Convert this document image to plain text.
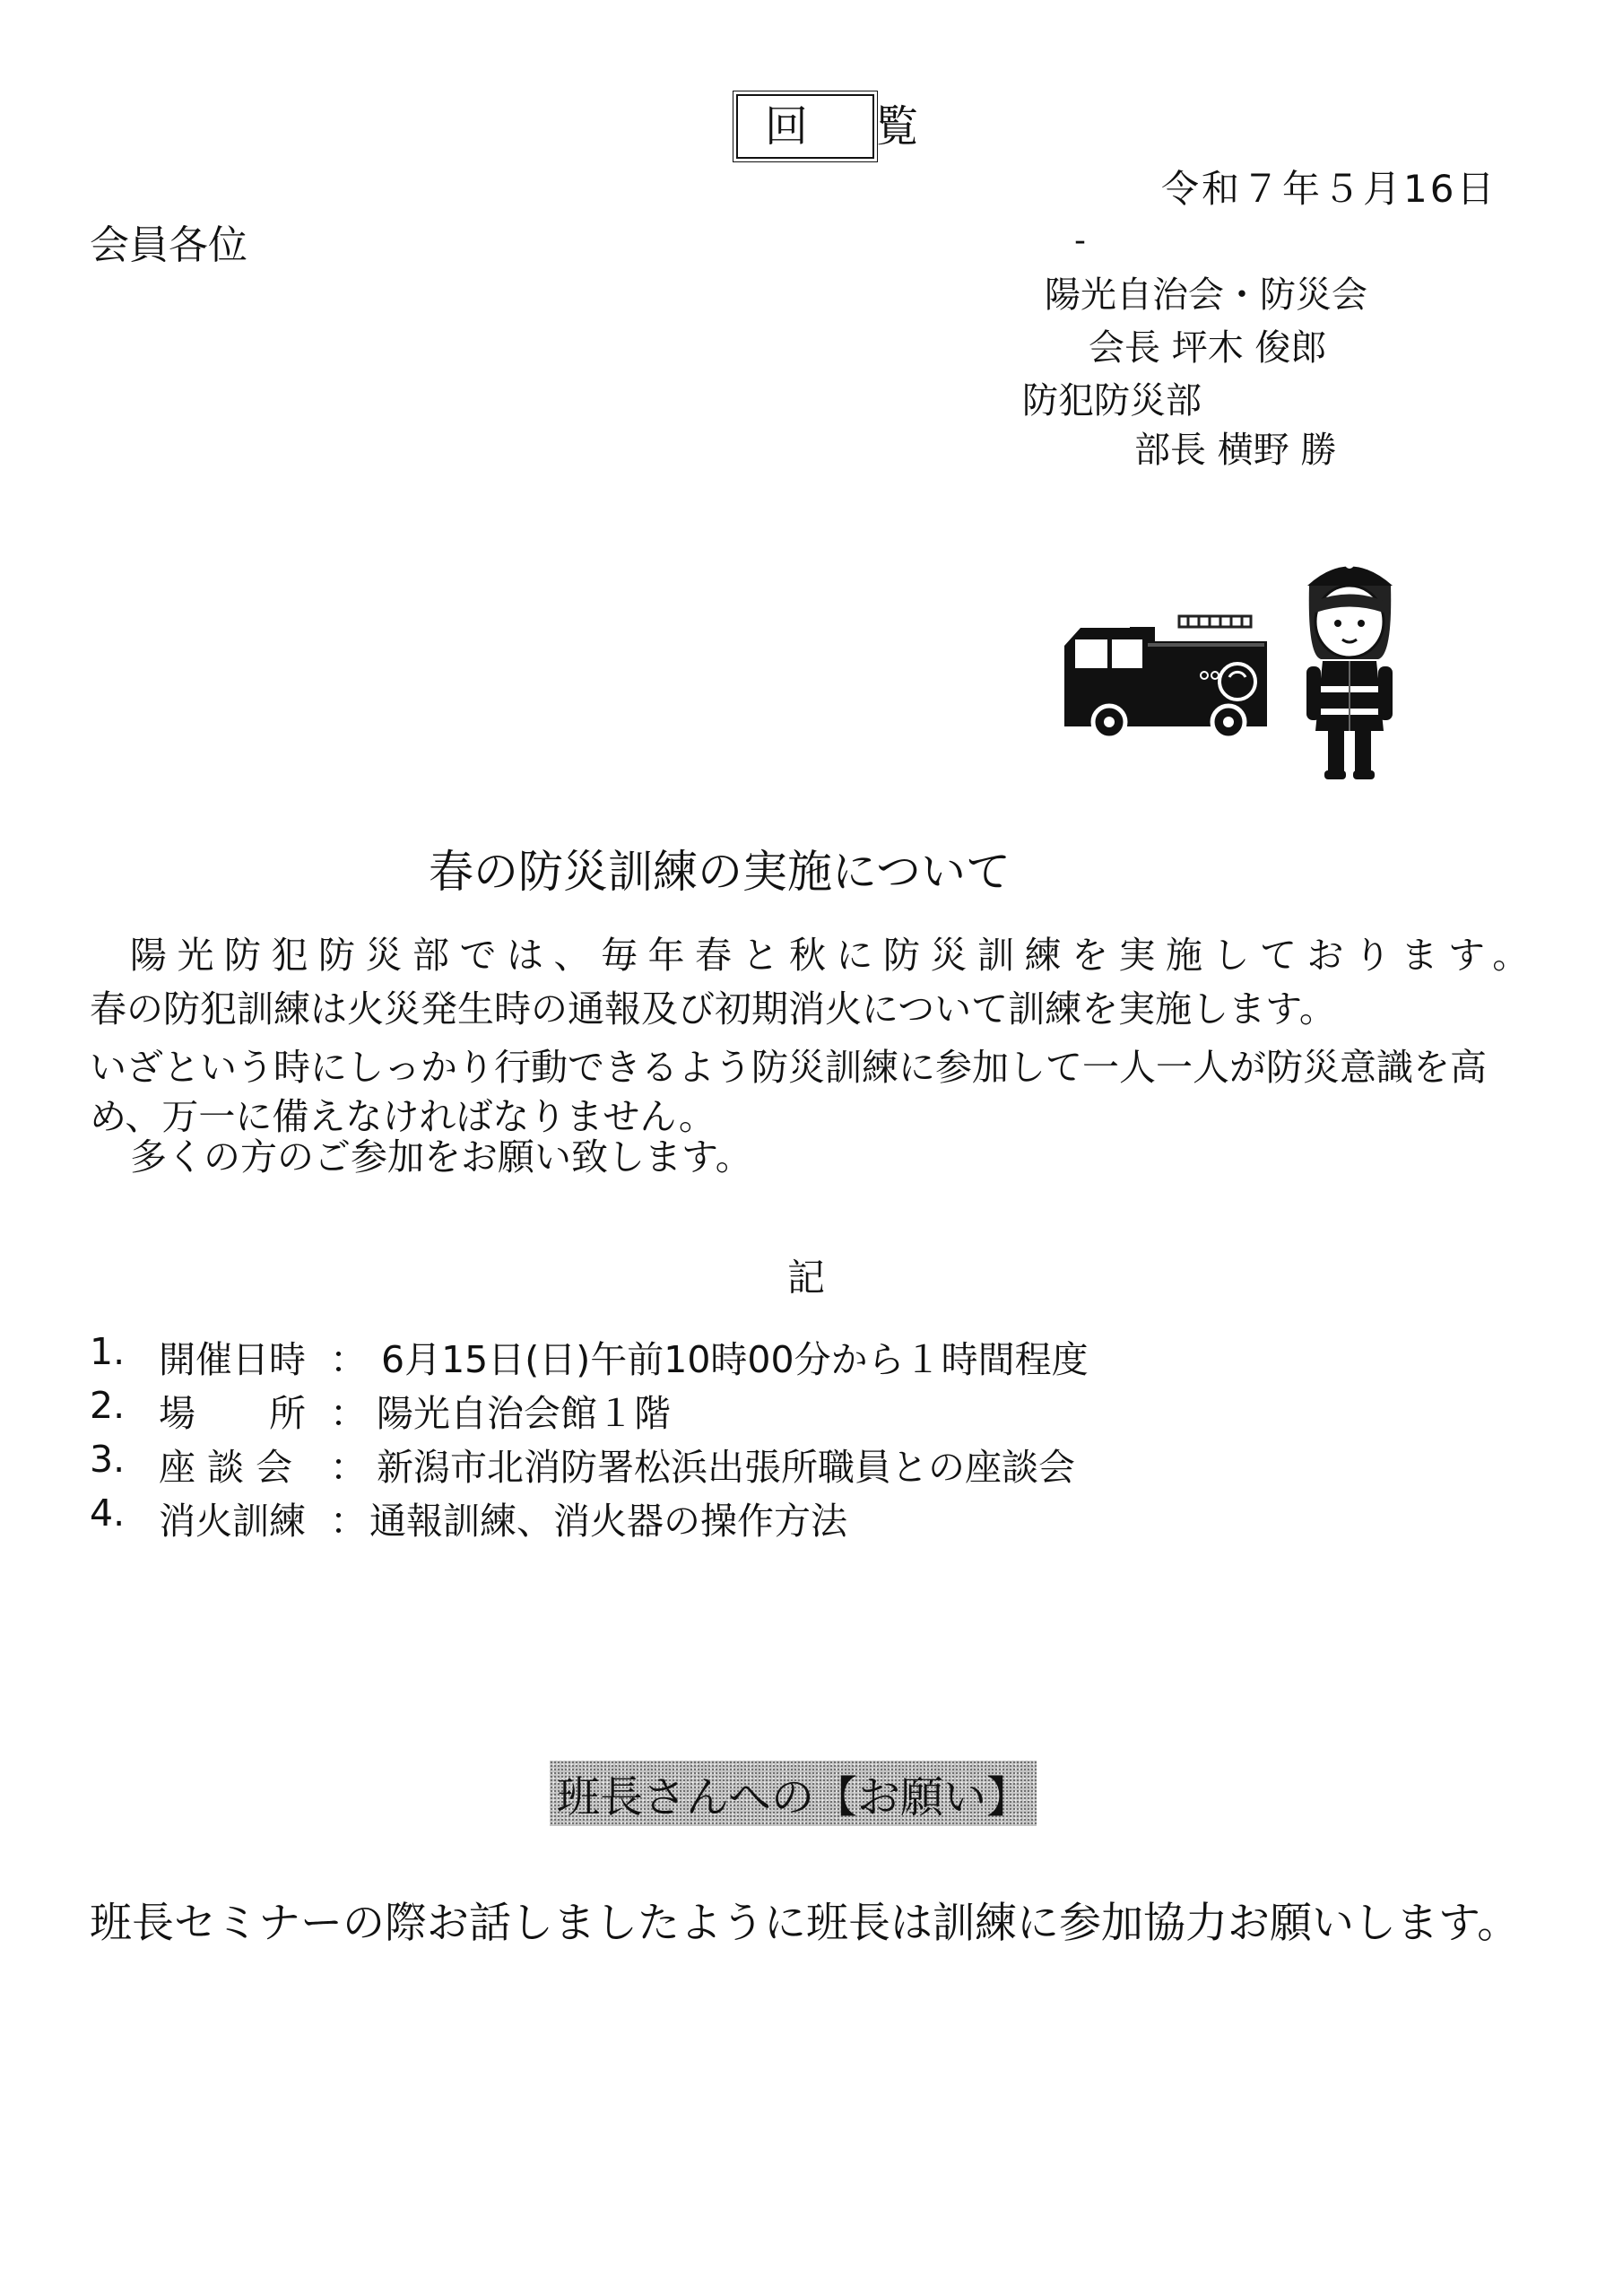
回 覧
令和７年５月16日
会員各位	-
陽光自治会・防災会
会長 坪木 俊郎
防犯防災部
部長 横野 勝
春の防災訓練の実施について
陽光防犯防災部では、毎年春と秋に防災訓練を実施しております。
春の防犯訓練は火災発生時の通報及び初期消火について訓練を実施します。
いざという時にしっかり行動できるよう防災訓練に参加して一人一人が防災意識を高
め、万一に備えなければなりません。
多くの方のご参加をお願い致します。
記
1. 開催日時 ： 6月15日(日)午前10時00分から１時間程度
2. 場　　所 ： 陽光自治会館１階
3. 座 談 会 ： 新潟市北消防署松浜出張所職員との座談会
4. 消火訓練 ： 通報訓練、消火器の操作方法
班長さんへの【お願い】
班長セミナーの際お話しましたように班長は訓練に参加協力お願いします。
